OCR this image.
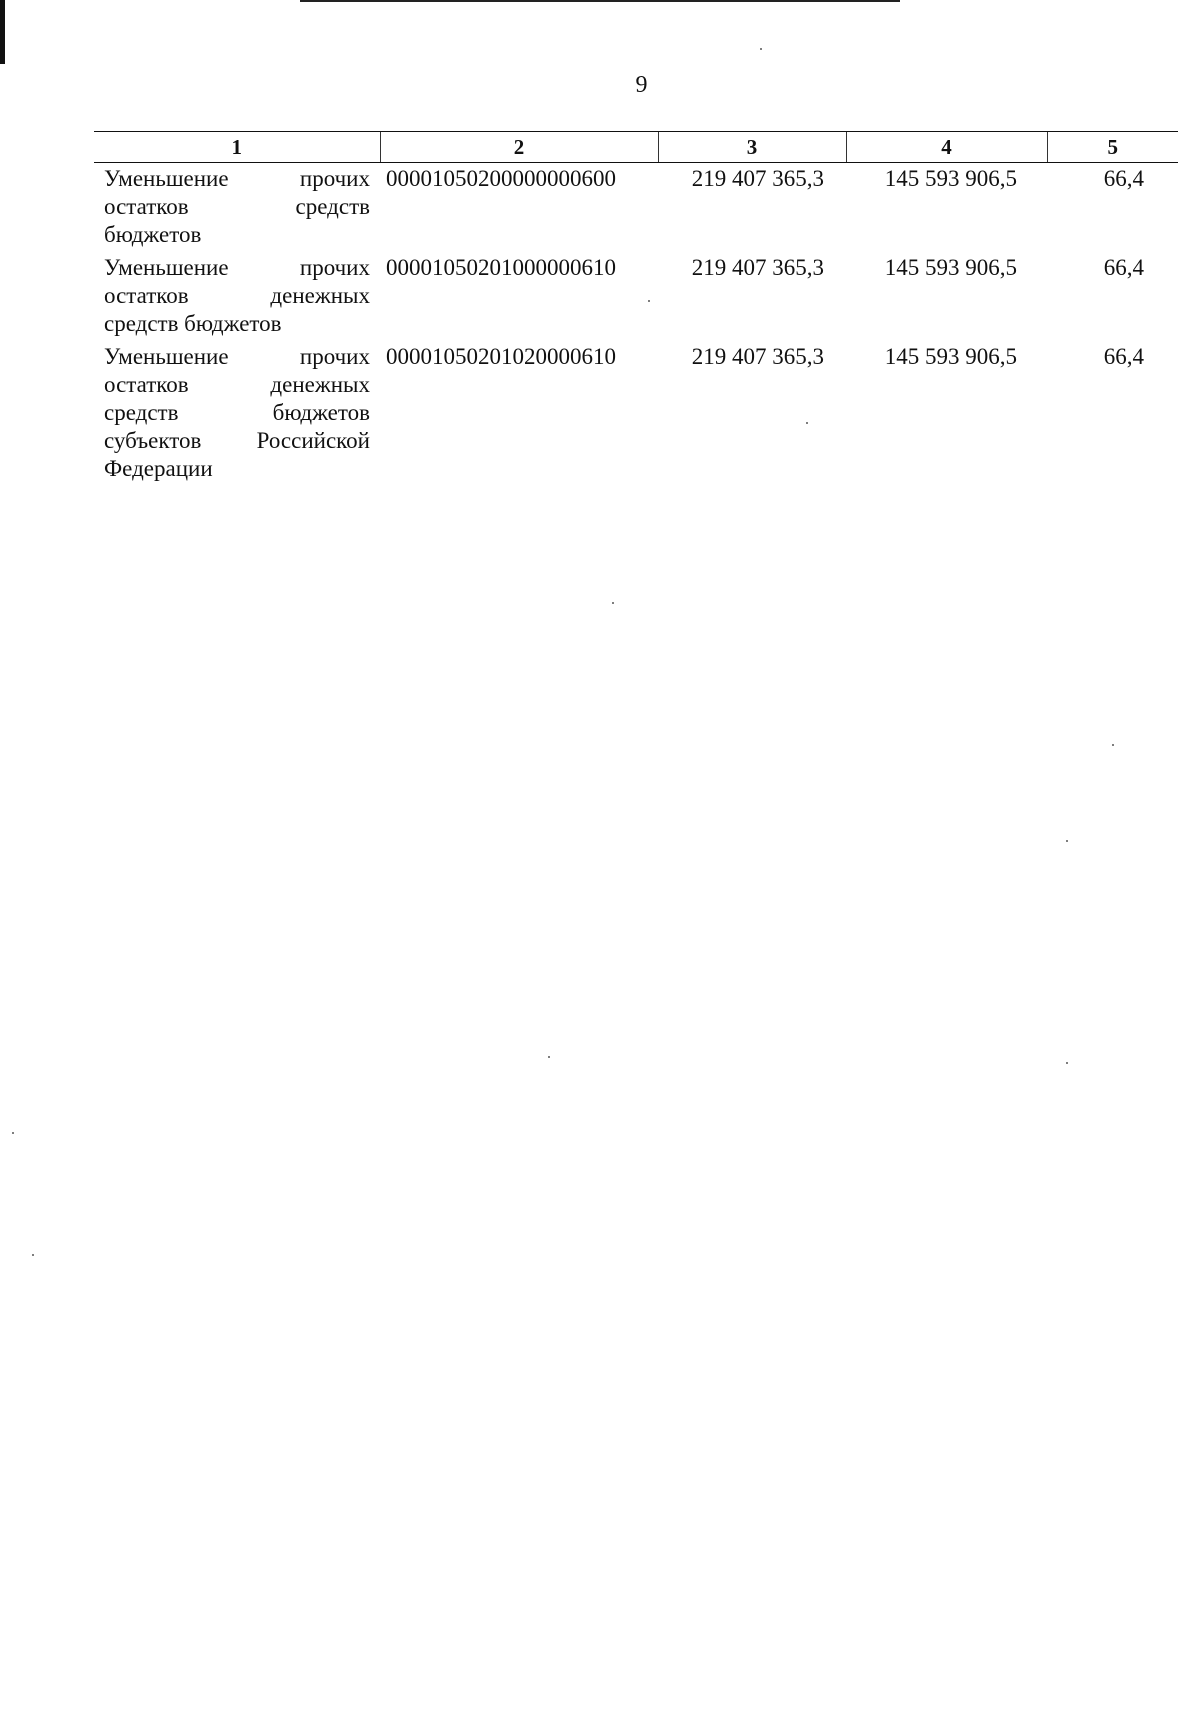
9
1	2	3	4	5
Уменьшение прочих остатков средств бюджетов	00001050200000000600	219 407 365,3	145 593 906,5	66,4
Уменьшение прочих остатков денежных средств бюджетов	00001050201000000610	219 407 365,3	145 593 906,5	66,4
Уменьшение прочих остатков денежных средств бюджетов субъектов Российской Федерации	00001050201020000610	219 407 365,3	145 593 906,5	66,4
